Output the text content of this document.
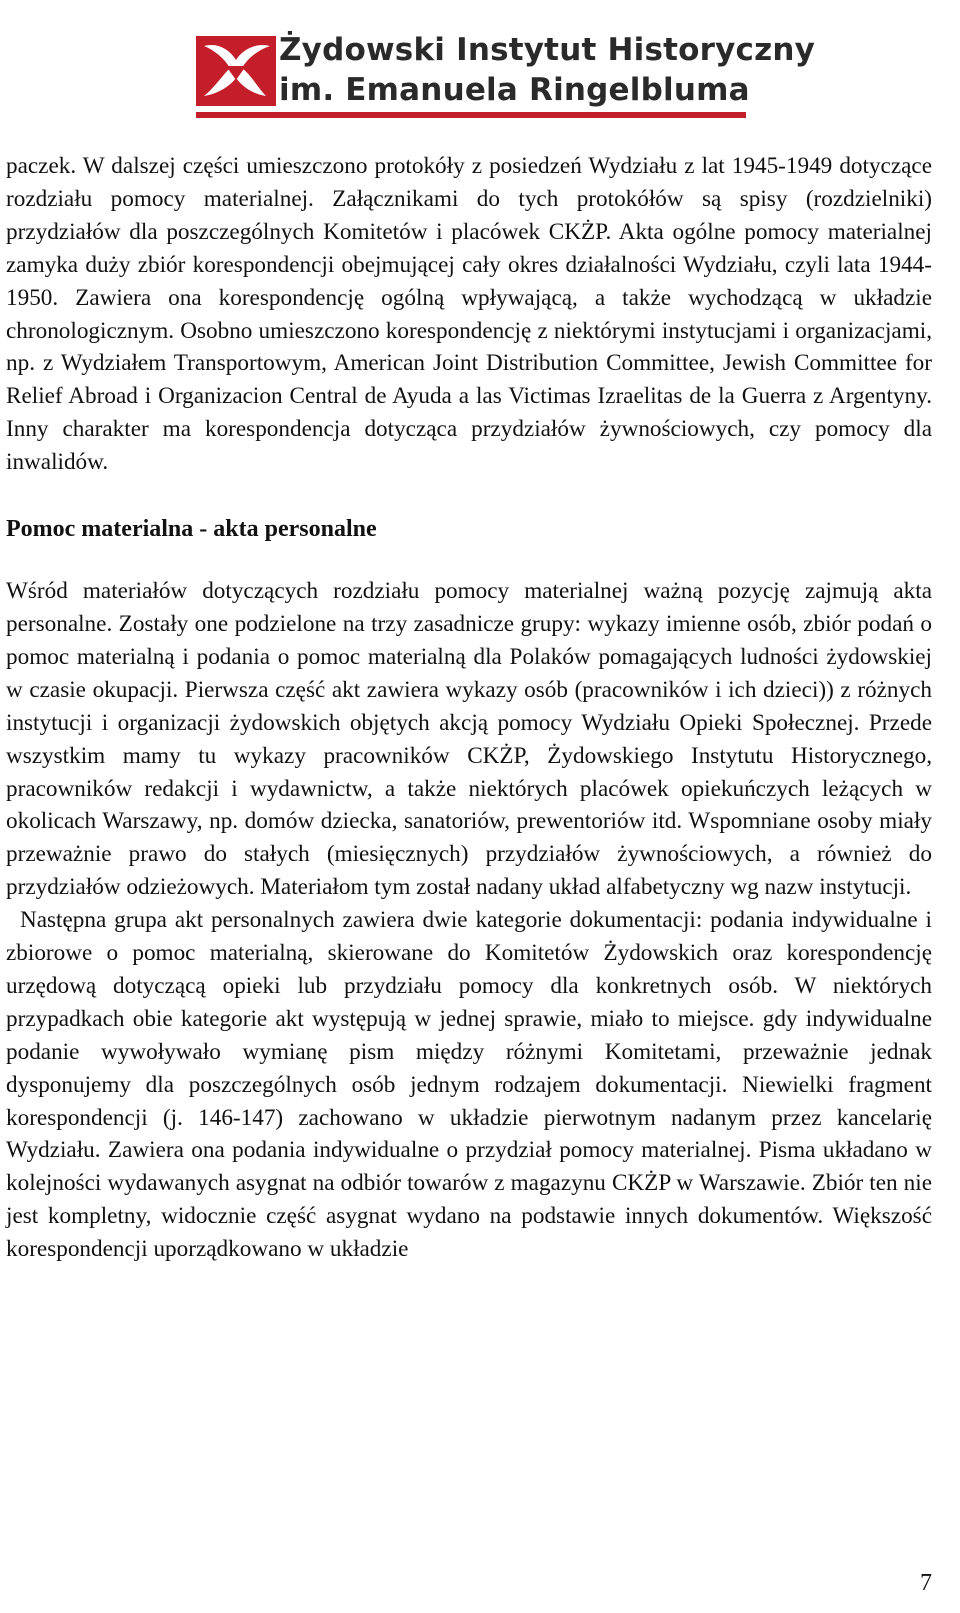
Żydowski Instytut Historyczny
im. Emanuela Ringelbluma

paczek. W dalszej części umieszczono protokóły z posiedzeń Wydziału z lat 1945-1949 dotyczące rozdziału pomocy materialnej. Załącznikami do tych protokółów są spisy (rozdzielniki) przydziałów dla poszczególnych Komitetów i placówek CKŻP. Akta ogólne pomocy materialnej zamyka duży zbiór korespondencji obejmującej cały okres działalności Wydziału, czyli lata 1944-1950. Zawiera ona korespondencję ogólną wpływającą, a także wychodzącą w układzie chronologicznym. Osobno umieszczono korespondencję z niektórymi instytucjami i organizacjami, np. z Wydziałem Transportowym, American Joint Distribution Committee, Jewish Committee for Relief Abroad i Organizacion Central de Ayuda a las Victimas Izraelitas de la Guerra z Argentyny. Inny charakter ma korespondencja dotycząca przydziałów żywnościowych, czy pomocy dla inwalidów.

Pomoc materialna - akta personalne

Wśród materiałów dotyczących rozdziału pomocy materialnej ważną pozycję zajmują akta personalne. Zostały one podzielone na trzy zasadnicze grupy: wykazy imienne osób, zbiór podań o pomoc materialną i podania o pomoc materialną dla Polaków pomagających ludności żydowskiej w czasie okupacji. Pierwsza część akt zawiera wykazy osób (pracowników i ich dzieci)) z różnych instytucji i organizacji żydowskich objętych akcją pomocy Wydziału Opieki Społecznej. Przede wszystkim mamy tu wykazy pracowników CKŻP, Żydowskiego Instytutu Historycznego, pracowników redakcji i wydawnictw, a także niektórych placówek opiekuńczych leżących w okolicach Warszawy, np. domów dziecka, sanatoriów, prewentoriów itd. Wspomniane osoby miały przeważnie prawo do stałych (miesięcznych) przydziałów żywnościowych, a również do przydziałów odzieżowych. Materiałom tym został nadany układ alfabetyczny wg nazw instytucji.

Następna grupa akt personalnych zawiera dwie kategorie dokumentacji: podania indywidualne i zbiorowe o pomoc materialną, skierowane do Komitetów Żydowskich oraz korespondencję urzędową dotyczącą opieki lub przydziału pomocy dla konkretnych osób. W niektórych przypadkach obie kategorie akt występują w jednej sprawie, miało to miejsce. gdy indywidualne podanie wywoływało wymianę pism między różnymi Komitetami, przeważnie jednak dysponujemy dla poszczególnych osób jednym rodzajem dokumentacji. Niewielki fragment korespondencji (j. 146-147) zachowano w układzie pierwotnym nadanym przez kancelarię Wydziału. Zawiera ona podania indywidualne o przydział pomocy materialnej. Pisma układano w kolejności wydawanych asygnat na odbiór towarów z magazynu CKŻP w Warszawie. Zbiór ten nie jest kompletny, widocznie część asygnat wydano na podstawie innych dokumentów. Większość korespondencji uporządkowano w układzie

7
